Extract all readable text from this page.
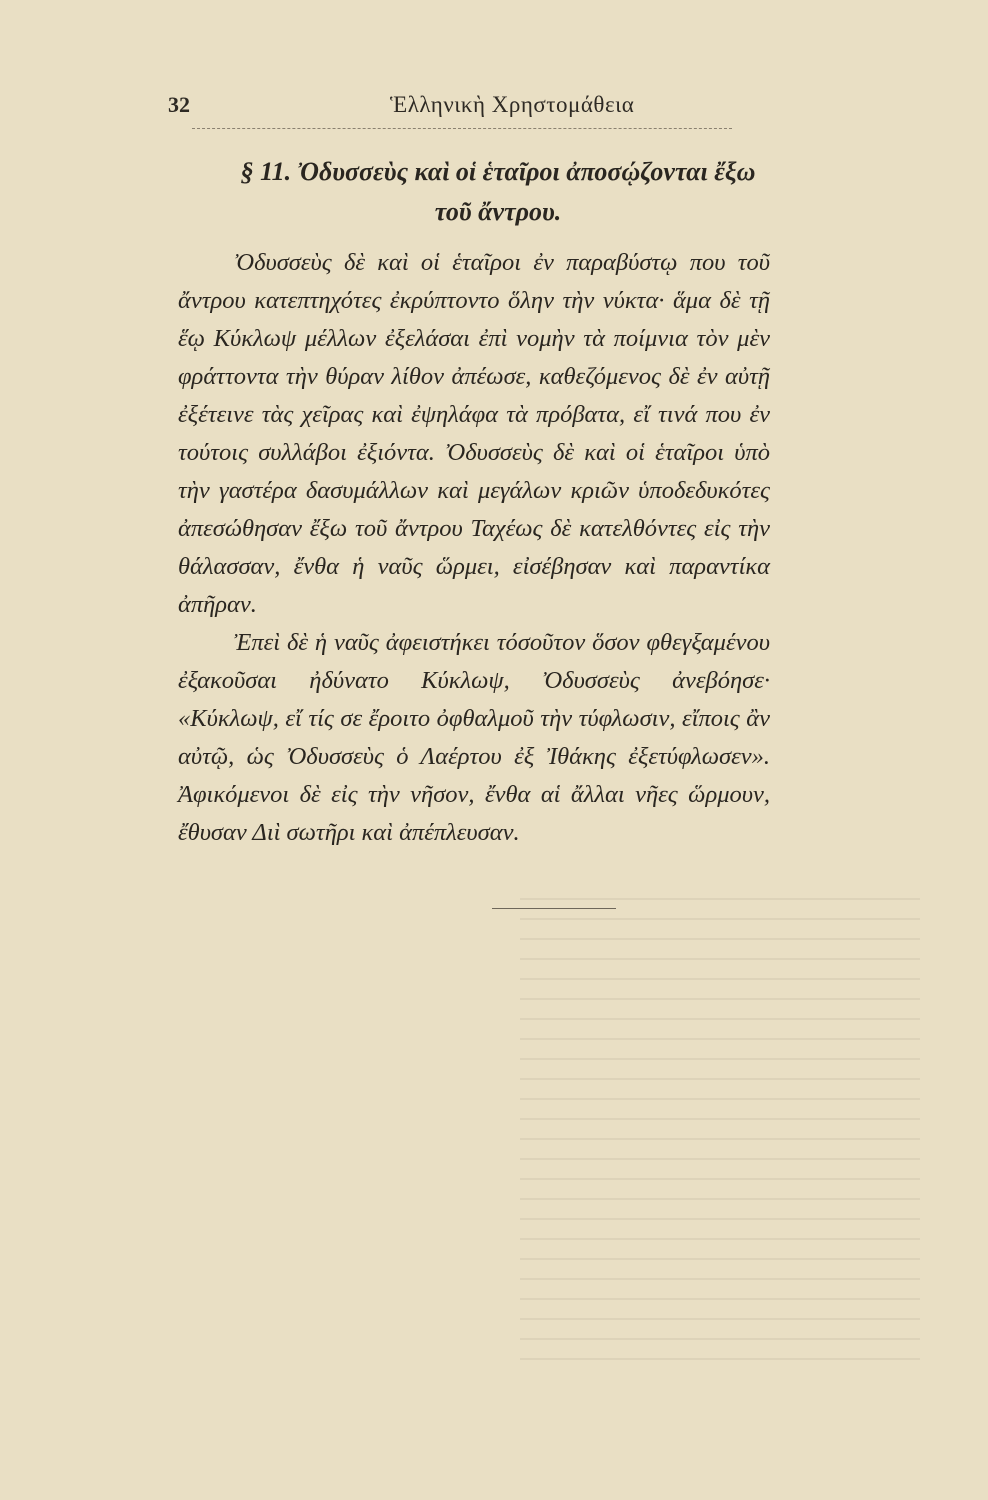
32	Ἑλληνικὴ Χρηστομάθεια
§ 11. Ὀδυσσεὺς καὶ οἱ ἑταῖροι ἀποσῴζονται ἔξω
τοῦ ἄντρου.

Ὀδυσσεὺς δὲ καὶ οἱ ἑταῖροι ἐν παραβύστῳ που τοῦ ἄντρου κατεπτηχότες ἐκρύπτοντο ὅλην τὴν νύκτα· ἅμα δὲ τῇ ἕῳ Κύκλωψ μέλλων ἐξελάσαι ἐπὶ νομὴν τὰ ποίμνια τὸν μὲν φράττοντα τὴν θύραν λίθον ἀπέωσε, καθεζόμενος δὲ ἐν αὐτῇ ἐξέτεινε τὰς χεῖρας καὶ ἐψηλάφα τὰ πρόβατα, εἴ τινά που ἐν τούτοις συλλάβοι ἐξιόντα. Ὀδυσσεὺς δὲ καὶ οἱ ἑταῖροι ὑπὸ τὴν γαστέρα δασυμάλλων καὶ μεγάλων κριῶν ὑποδεδυκότες ἀπεσώθησαν ἔξω τοῦ ἄντρου Ταχέως δὲ κατελθόντες εἰς τὴν θάλασσαν, ἔνθα ἡ ναῦς ὥρμει, εἰσέβησαν καὶ παραντίκα ἀπῆραν.

Ἐπεὶ δὲ ἡ ναῦς ἀφειστήκει τόσοῦτον ὅσον φθεγξαμένου ἐξακοῦσαι ἠδύνατο Κύκλωψ, Ὀδυσσεὺς ἀνεβόησε· «Κύκλωψ, εἴ τίς σε ἔροιτο ὀφθαλμοῦ τὴν τύφλωσιν, εἴποις ἂν αὐτῷ, ὡς Ὀδυσσεὺς ὁ Λαέρτου ἐξ Ἰθάκης ἐξετύφλωσεν». Ἀφικόμενοι δὲ εἰς τὴν νῆσον, ἔνθα αἱ ἄλλαι νῆες ὥρμουν, ἔθυσαν Διὶ σωτῆρι καὶ ἀπέπλευσαν.
